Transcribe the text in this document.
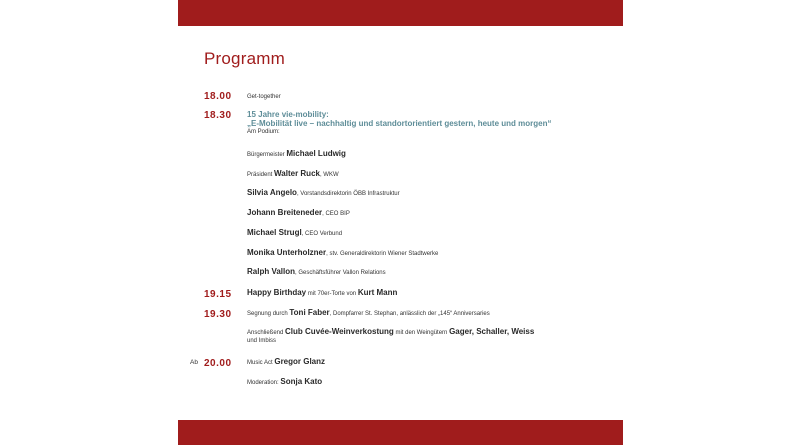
Programm
18.00	Get-together
18.30	15 Jahre vie-mobility:
„E-Mobilität live – nachhaltig und standortorientiert gestern, heute und morgen“
Am Podium:
Bürgermeister Michael Ludwig
Präsident Walter Ruck, WKW
Silvia Angelo, Vorstandsdirektorin ÖBB Infrastruktur
Johann Breiteneder, CEO BIP
Michael Strugl, CEO Verbund
Monika Unterholzner, stv. Generaldirektorin Wiener Stadtwerke
Ralph Vallon, Geschäftsführer Vallon Relations
19.15	Happy Birthday mit 70er-Torte von Kurt Mann
19.30	Segnung durch Toni Faber, Dompfarrer St. Stephan, anlässlich der „145“ Anniversaries
Anschließend Club Cuvée-Weinverkostung mit den Weingütern Gager, Schaller, Weiss
und Imbiss
Ab 20.00	Music Act Gregor Glanz
Moderation: Sonja Kato
